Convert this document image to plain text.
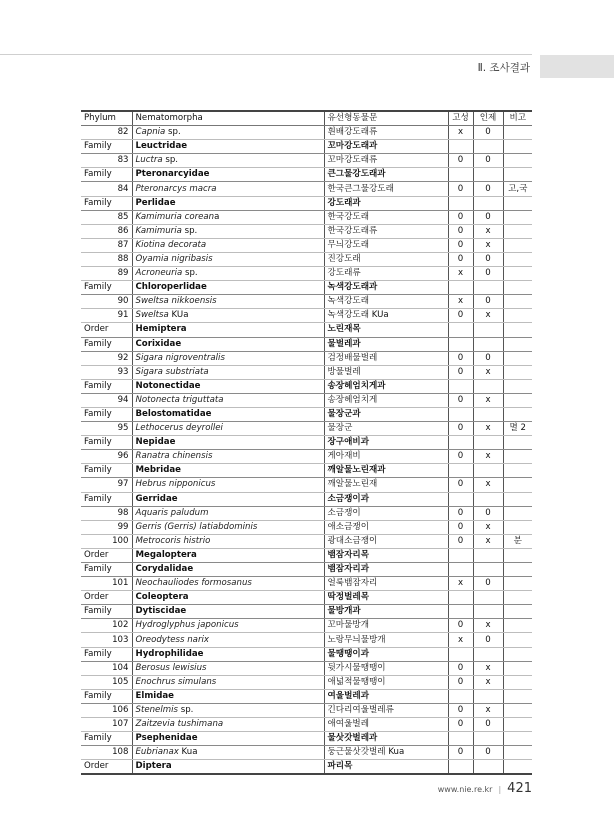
Ⅱ. 조사결과
Phylum	Nematomorpha	유선형동물문	고성	인제	비고
82	Capnia sp.	흰배강도래류	x	0	
Family	Leuctridae	꼬마강도래과			
83	Luctra sp.	꼬마강도래류	0	0	
Family	Pteronarcyidae	큰그물강도래과			
84	Pteronarcys macra	한국큰그물강도래	0	0	고,국
Family	Perlidae	강도래과			
85	Kamimuria coreana	한국강도래	0	0	
86	Kamimuria sp.	한국강도래류	0	x	
87	Kiotina decorata	무늬강도래	0	x	
88	Oyamia nigribasis	진강도래	0	0	
89	Acroneuria sp.	강도래류	x	0	
Family	Chloroperlidae	녹색강도래과			
90	Sweltsa nikkoensis	녹색강도래	x	0	
91	Sweltsa KUa	녹색강도래 KUa	0	x	
Order	Hemiptera	노린재목			
Family	Corixidae	물벌레과			
92	Sigara nigroventralis	검정배물벌레	0	0	
93	Sigara substriata	방물벌레	0	x	
Family	Notonectidae	송장헤엄치게과			
94	Notonecta triguttata	송장헤엄치게	0	x	
Family	Belostomatidae	물장군과			
95	Lethocerus deyrollei	물장군	0	x	멸 2
Family	Nepidae	장구애비과			
96	Ranatra chinensis	게아재비	0	x	
Family	Mebridae	깨알물노린재과			
97	Hebrus nipponicus	깨알물노린재	0	x	
Family	Gerridae	소금쟁이과			
98	Aquaris paludum	소금쟁이	0	0	
99	Gerris (Gerris) latiabdominis	애소금쟁이	0	x	
100	Metrocoris histrio	광대소금쟁이	0	x	분
Order	Megaloptera	뱀잠자리목			
Family	Corydalidae	뱀잠자리과			
101	Neochauliodes formosanus	얼룩뱀잠자리	x	0	
Order	Coleoptera	딱정벌레목			
Family	Dytiscidae	물방개과			
102	Hydroglyphus japonicus	꼬마물방개	0	x	
103	Oreodytess narix	노랑무늬물방개	x	0	
Family	Hydrophilidae	물땡땡이과			
104	Berosus lewisius	뒷가시물땡땡이	0	x	
105	Enochrus simulans	애넓적물땡땡이	0	x	
Family	Elmidae	여울벌레과			
106	Stenelmis sp.	긴다리여울벌레류	0	x	
107	Zaitzevia tushimana	애여울벌레	0	0	
Family	Psephenidae	물삿갓벌레과			
108	Eubrianax Kua	둥근물삿갓벌레 Kua	0	0	
Order	Diptera	파리목			
www.nie.re.kr | 421
